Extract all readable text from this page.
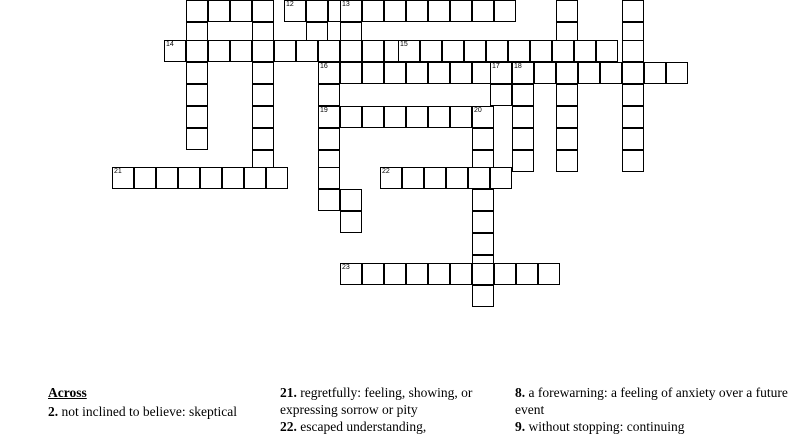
12	13
14	15
16	17 18
19	20
21	22
23
Across
2. not inclined to believe: skeptical
21. regretfully: feeling, showing, or expressing sorrow or pity
22. escaped understanding,
8. a forewarning: a feeling of anxiety over a future event
9. without stopping: continuing
